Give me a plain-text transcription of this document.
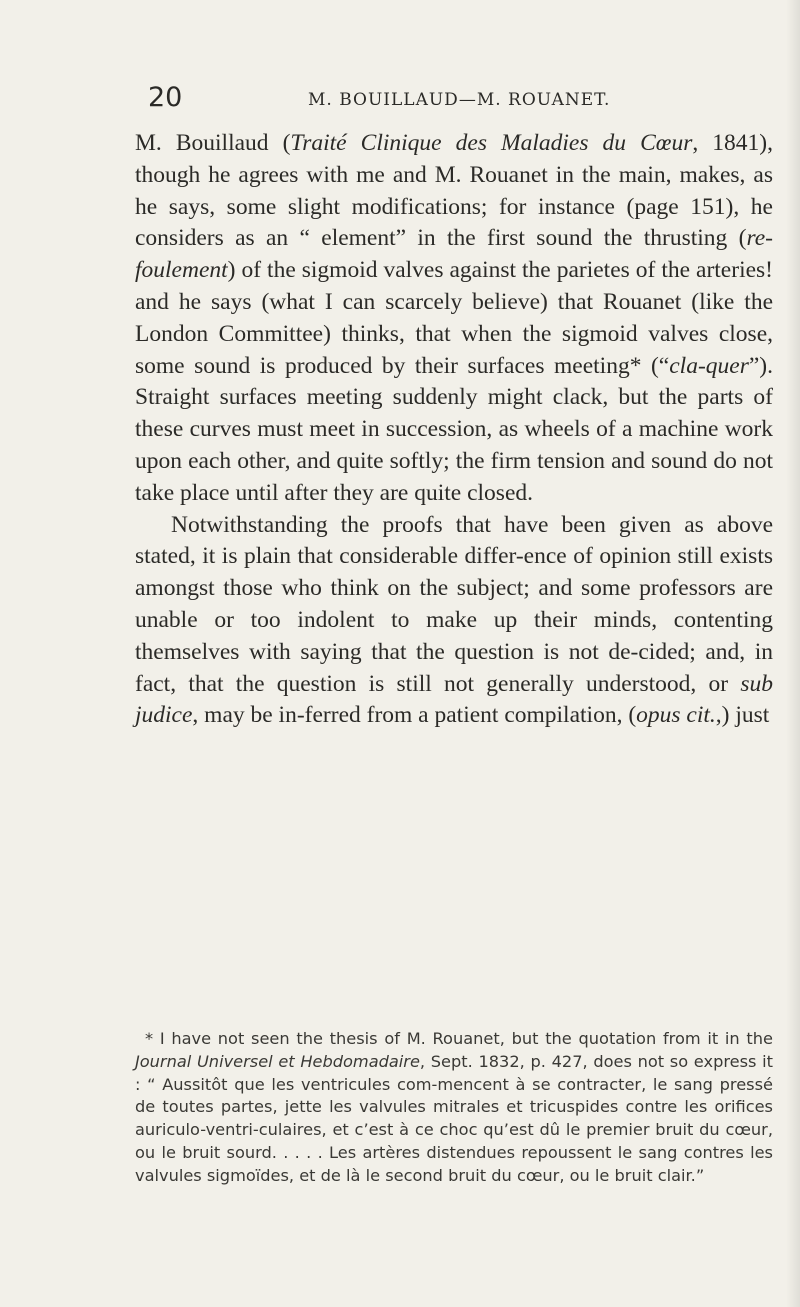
20	M. BOUILLAUD—M. ROUANET.

M. Bouillaud (Traité Clinique des Maladies du Cœur, 1841), though he agrees with me and M. Rouanet in the main, makes, as he says, some slight modifications; for instance (page 151), he considers as an “ element” in the first sound the thrusting (re-foulement) of the sigmoid valves against the parietes of the arteries! and he says (what I can scarcely believe) that Rouanet (like the London Committee) thinks, that when the sigmoid valves close, some sound is produced by their surfaces meeting* (“cla-quer”). Straight surfaces meeting suddenly might clack, but the parts of these curves must meet in succession, as wheels of a machine work upon each other, and quite softly; the firm tension and sound do not take place until after they are quite closed.

Notwithstanding the proofs that have been given as above stated, it is plain that considerable differ-ence of opinion still exists amongst those who think on the subject; and some professors are unable or too indolent to make up their minds, contenting themselves with saying that the question is not de-cided; and, in fact, that the question is still not generally understood, or sub judice, may be in-ferred from a patient compilation, (opus cit.,) just

* I have not seen the thesis of M. Rouanet, but the quotation from it in the Journal Universel et Hebdomadaire, Sept. 1832, p. 427, does not so express it : “ Aussitôt que les ventricules com-mencent à se contracter, le sang pressé de toutes partes, jette les valvules mitrales et tricuspides contre les orifices auriculo-ventri-culaires, et c’est à ce choc qu’est dû le premier bruit du cœur, ou le bruit sourd. . . . . Les artères distendues repoussent le sang contres les valvules sigmoïdes, et de là le second bruit du cœur, ou le bruit clair.”
